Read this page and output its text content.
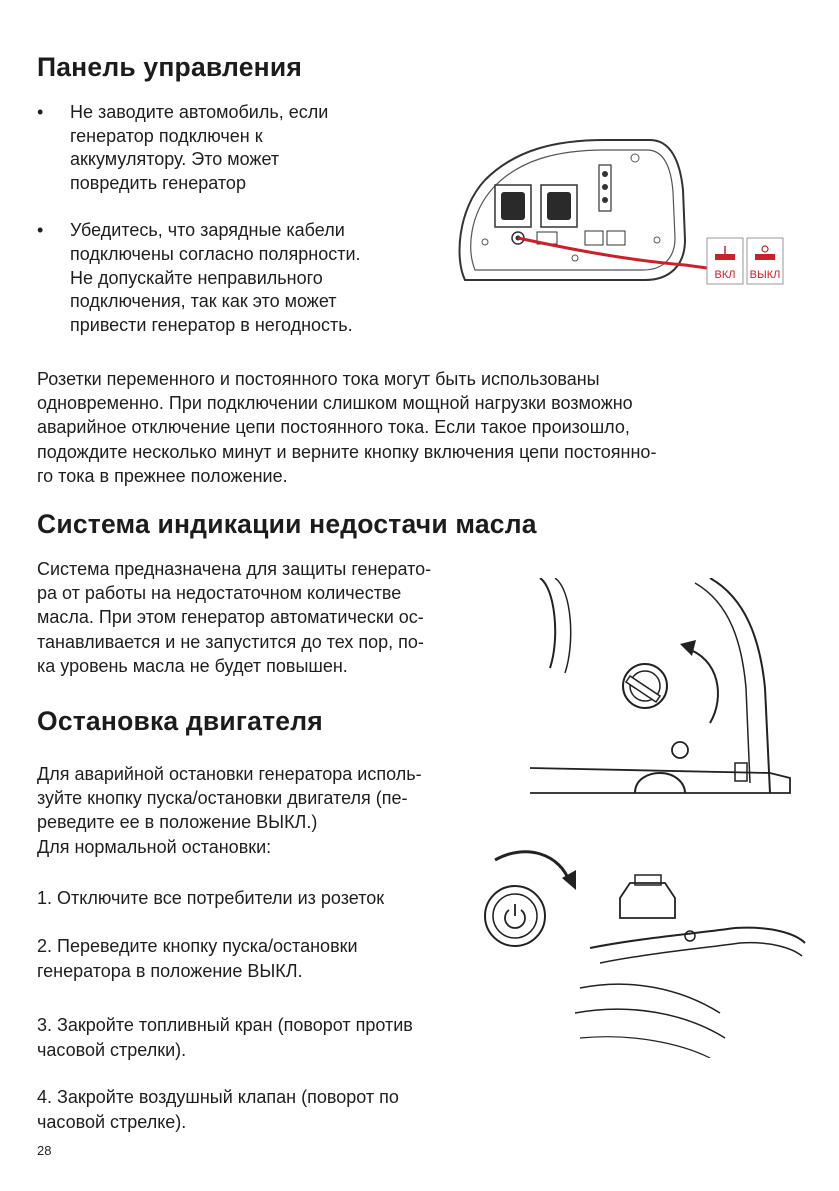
Панель управления
• Не заводите автомобиль, если
генератор подключен к
аккумулятору. Это может
повредить генератор
• Убедитесь, что зарядные кабели
подключены согласно полярности.
Не допускайте неправильного
подключения, так как это может
привести генератор в негодность.
ВКЛ ВЫКЛ

Розетки переменного и постоянного тока могут быть использованы

одновременно. При подключении слишком мощной нагрузки возможно

аварийное отключение цепи постоянного тока. Если такое произошло,

подождите несколько минут и верните кнопку включения цепи постоянно-

го тока в прежнее положение.

Система индикации недостачи масла

Система предназначена для защиты генерато-

ра от работы на недостаточном количестве

масла. При этом генератор автоматически ос-

танавливается и не запустится до тех пор, по-

ка уровень масла не будет повышен.

Остановка двигателя

Для аварийной остановки генератора исполь-

зуйте кнопку пуска/остановки двигателя (пе-

реведите ее в положение ВЫКЛ.)

Для нормальной остановки:

1. Отключите все потребители из розеток

2. Переведите кнопку пуска/остановки

генератора в положение ВЫКЛ.

3. Закройте топливный кран (поворот против

часовой стрелки).

4. Закройте воздушный клапан (поворот по

часовой стрелке).

28
